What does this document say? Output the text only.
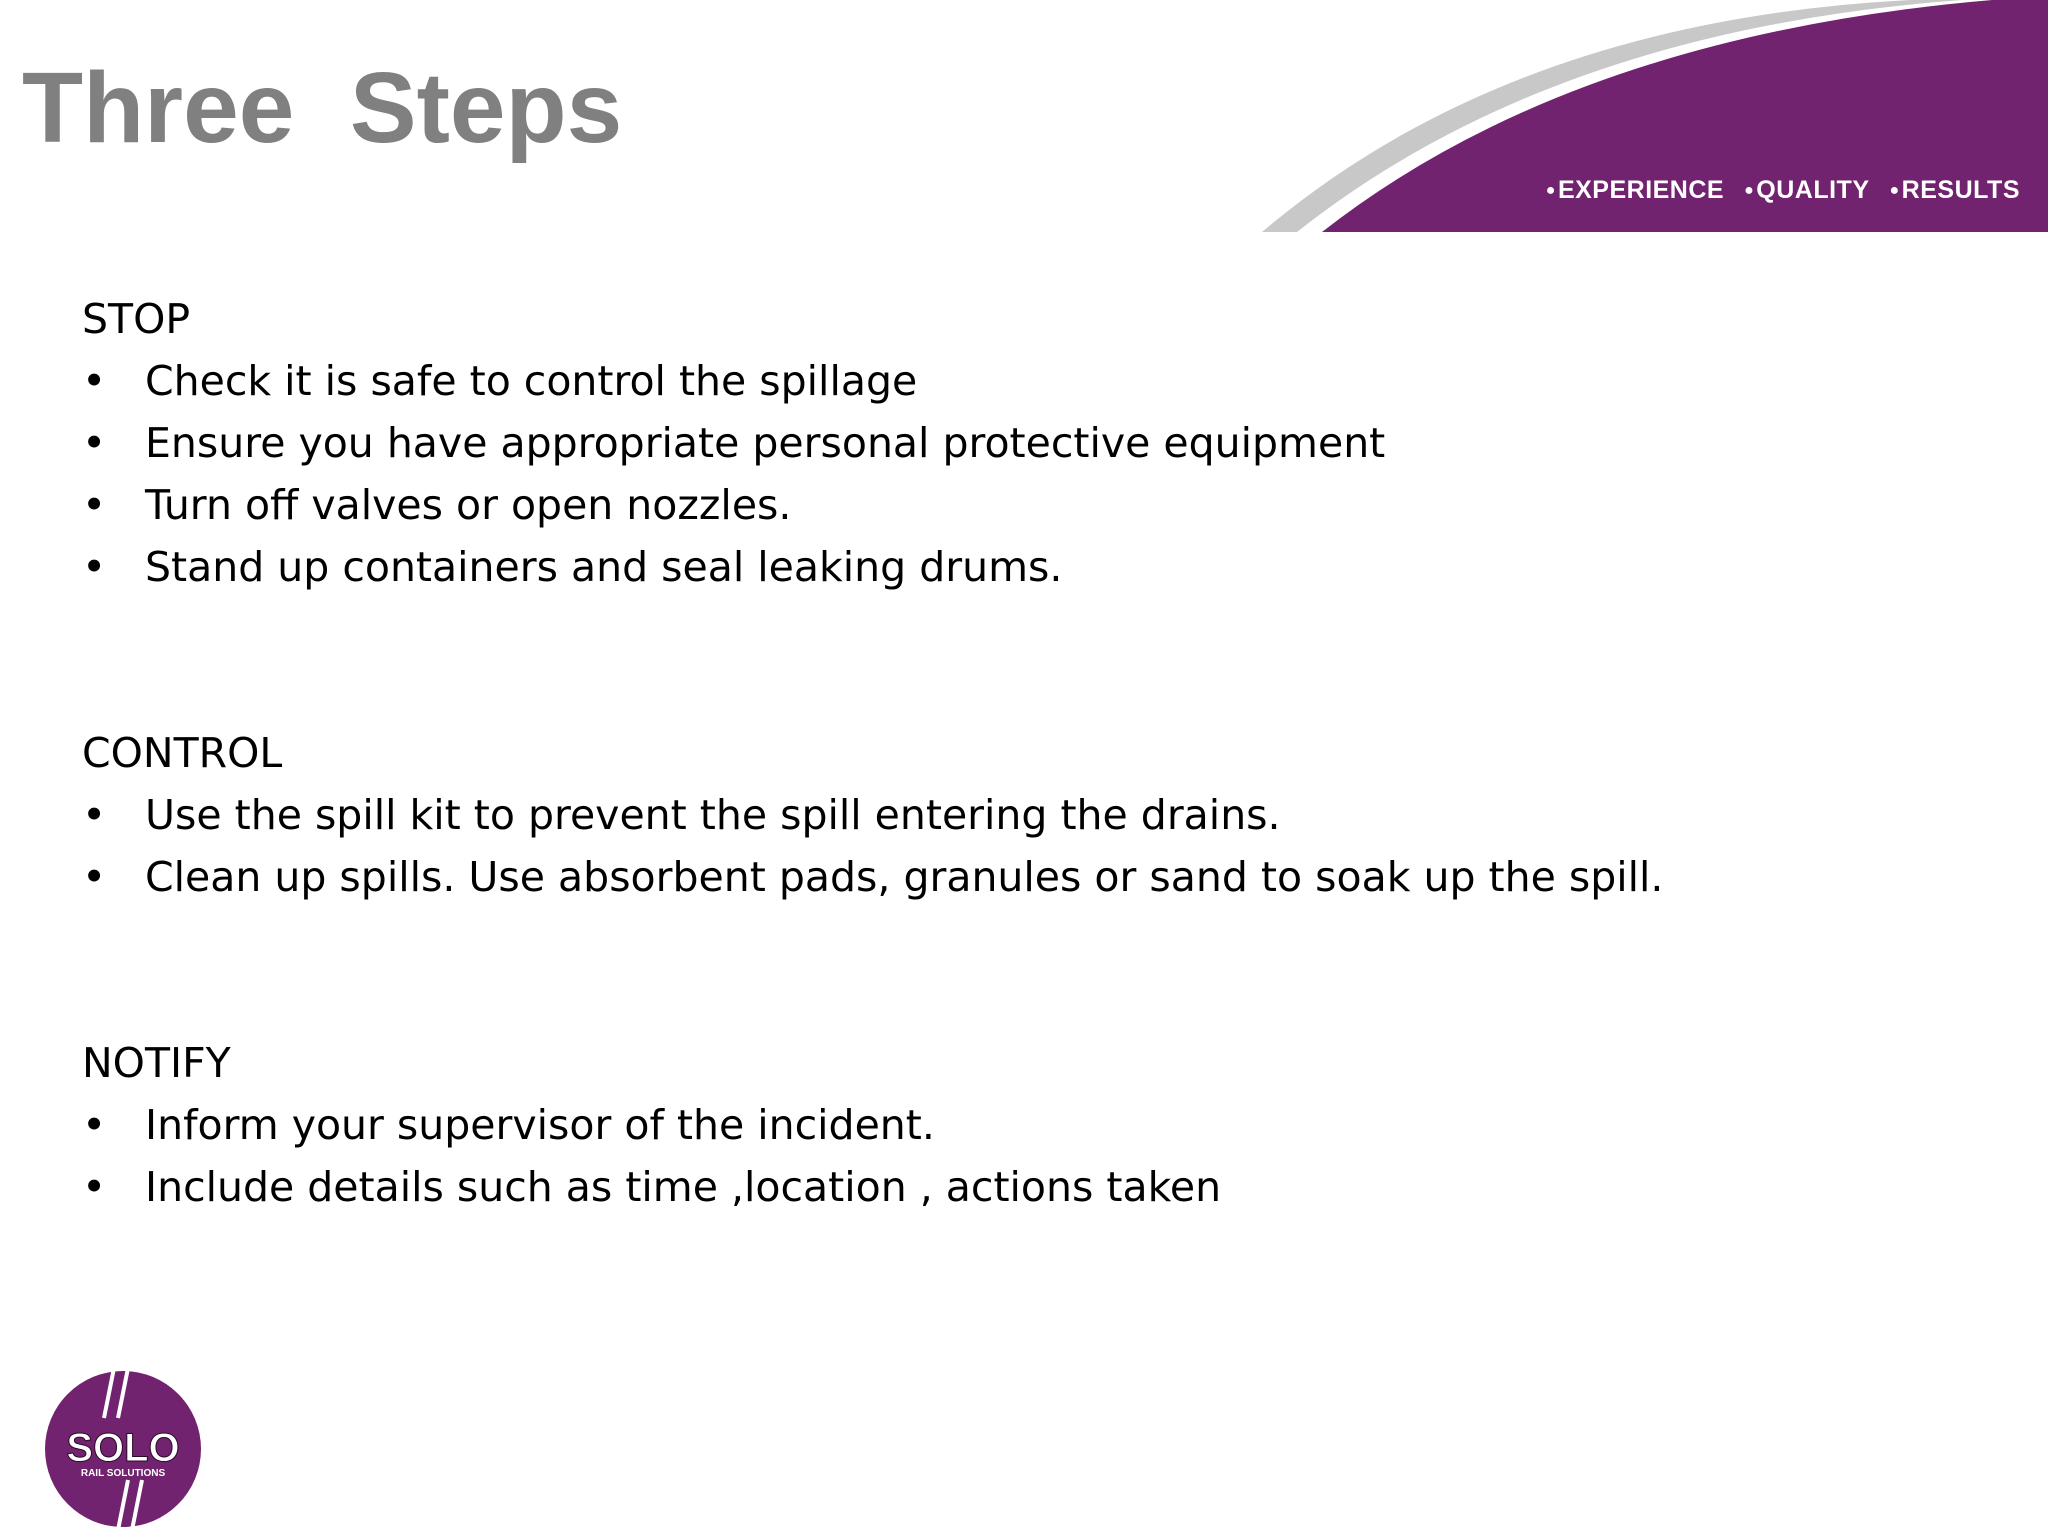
Three  Steps
● EXPERIENCE ● QUALITY ● RESULTS
STOP
• Check it is safe to control the spillage
• Ensure you have appropriate personal protective equipment
• Turn off valves or open nozzles.
• Stand up containers and seal leaking drums.
CONTROL
• Use the spill kit to prevent the spill entering the drains.
• Clean up spills. Use absorbent pads, granules or sand to soak up the spill.
NOTIFY
• Inform your supervisor of the incident.
• Include details such as time ,location , actions taken
SOLO
RAIL SOLUTIONS
